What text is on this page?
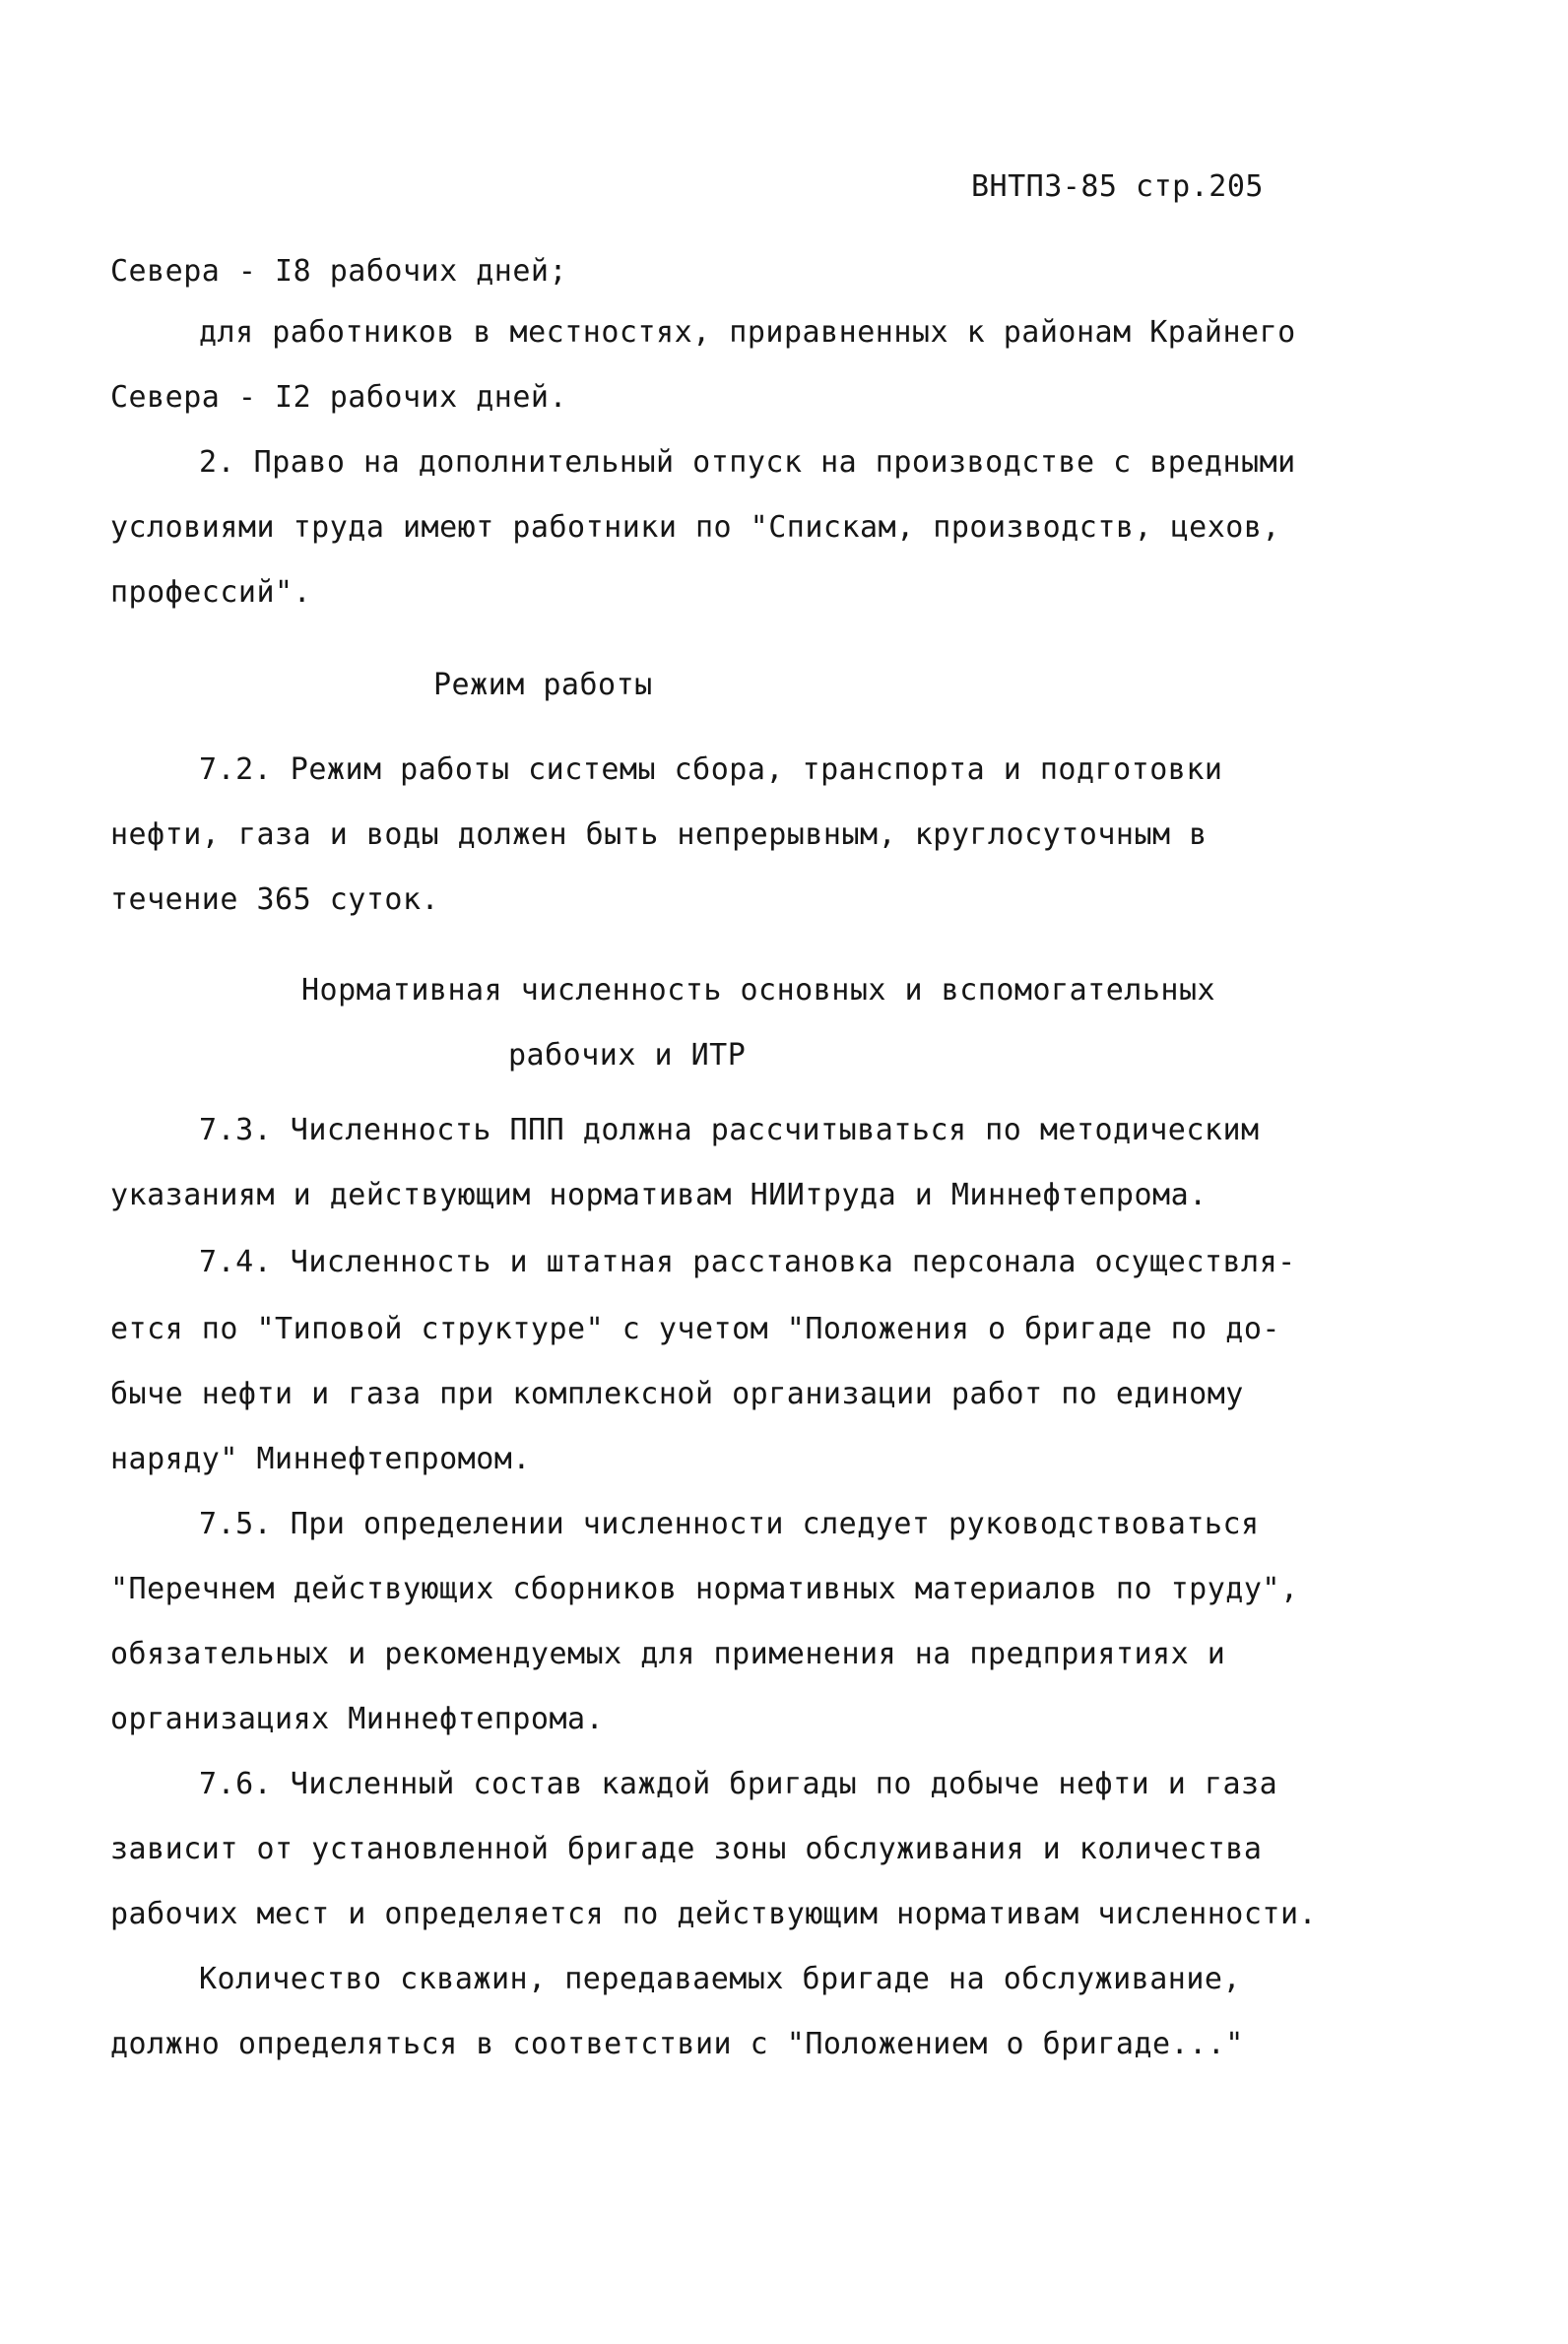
ВНТПЗ-85 стр.205
Севера - I8 рабочих дней;
для работников в местностях, приравненных к районам Крайнего
Севера - I2 рабочих дней.
2. Право на дополнительный отпуск на производстве с вредными
условиями труда имеют работники по "Спискам, производств, цехов,
профессий".
Режим работы
7.2. Режим работы системы сбора, транспорта и подготовки
нефти, газа и воды должен быть непрерывным, круглосуточным в
течение 365 суток.
Нормативная численность основных и вспомогательных
рабочих и ИТР
7.3. Численность ППП должна рассчитываться по методическим
указаниям и действующим нормативам НИИтруда и Миннефтепрома.
7.4. Численность и штатная расстановка персонала осуществля-
ется по "Типовой структуре" с учетом "Положения о бригаде по до-
быче нефти и газа при комплексной организации работ по единому
наряду" Миннефтепромом.
7.5. При определении численности следует руководствоваться
"Перечнем действующих сборников нормативных материалов по труду",
обязательных и рекомендуемых для применения на предприятиях и
организациях Миннефтепрома.
7.6. Численный состав каждой бригады по добыче нефти и газа
зависит от установленной бригаде зоны обслуживания и количества
рабочих мест и определяется по действующим нормативам численности.
Количество скважин, передаваемых бригаде на обслуживание,
должно определяться в соответствии с "Положением о бригаде..."
